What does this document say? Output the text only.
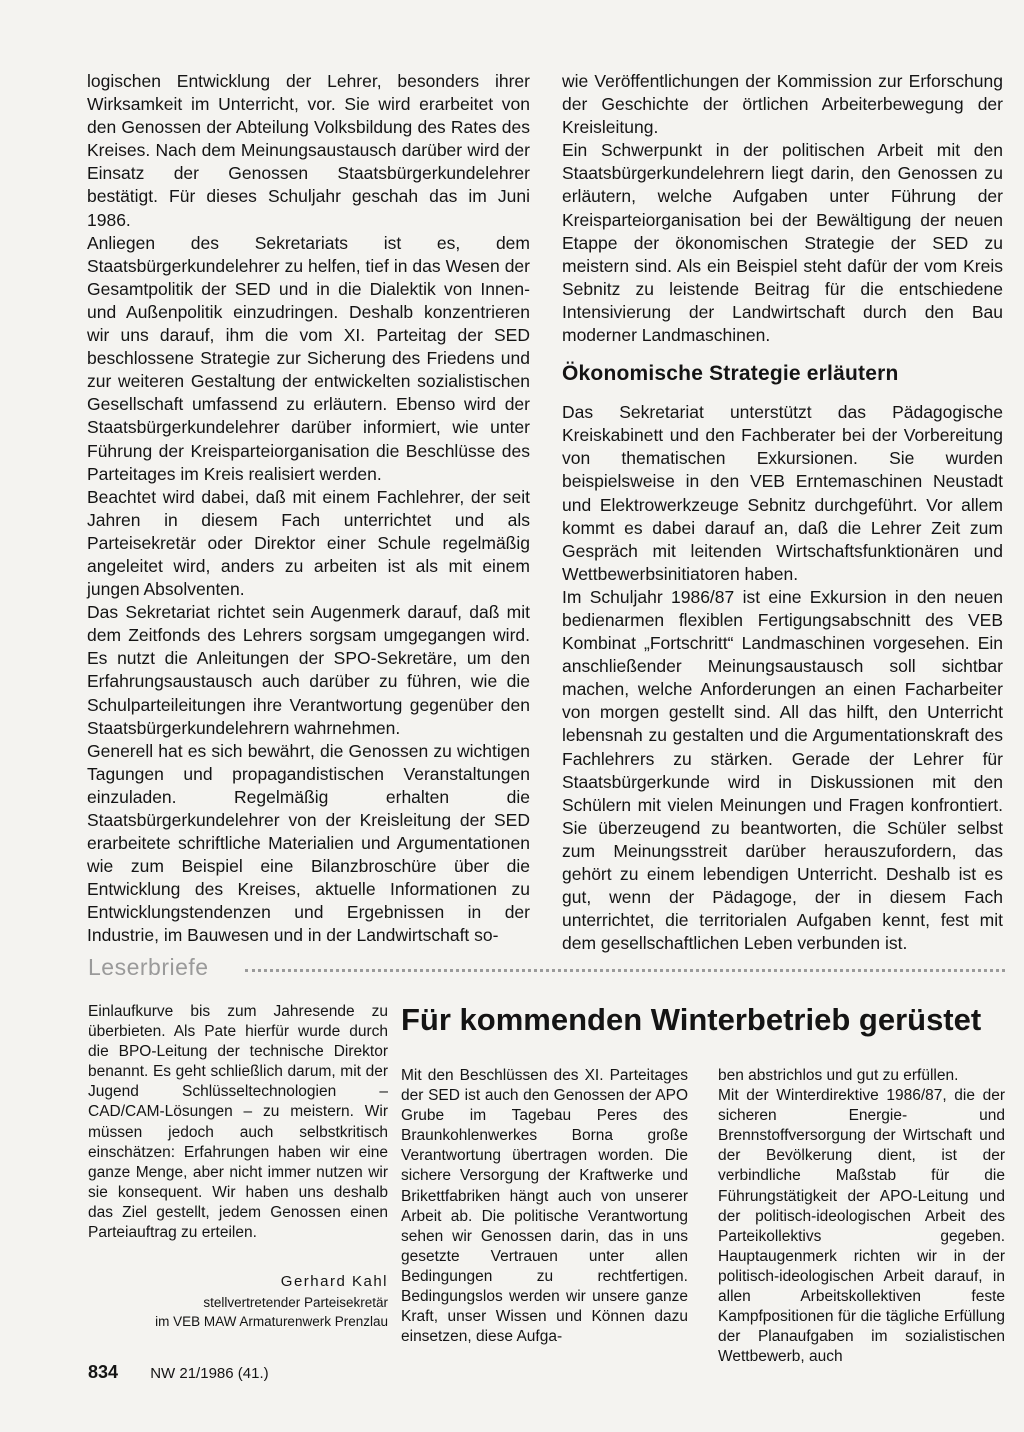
logischen Entwicklung der Lehrer, besonders ihrer Wirksamkeit im Unterricht, vor. Sie wird erarbeitet von den Genossen der Abteilung Volksbildung des Rates des Kreises. Nach dem Meinungsaustausch darüber wird der Einsatz der Genossen Staatsbürgerkundelehrer bestätigt. Für dieses Schuljahr geschah das im Juni 1986.

Anliegen des Sekretariats ist es, dem Staatsbürgerkundelehrer zu helfen, tief in das Wesen der Gesamtpolitik der SED und in die Dialektik von Innen- und Außenpolitik einzudringen. Deshalb konzentrieren wir uns darauf, ihm die vom XI. Parteitag der SED beschlossene Strategie zur Sicherung des Friedens und zur weiteren Gestaltung der entwickelten sozialistischen Gesellschaft umfassend zu erläutern. Ebenso wird der Staatsbürgerkundelehrer darüber informiert, wie unter Führung der Kreisparteiorganisation die Beschlüsse des Parteitages im Kreis realisiert werden.

Beachtet wird dabei, daß mit einem Fachlehrer, der seit Jahren in diesem Fach unterrichtet und als Parteisekretär oder Direktor einer Schule regelmäßig angeleitet wird, anders zu arbeiten ist als mit einem jungen Absolventen.

Das Sekretariat richtet sein Augenmerk darauf, daß mit dem Zeitfonds des Lehrers sorgsam umgegangen wird. Es nutzt die Anleitungen der SPO-Sekretäre, um den Erfahrungsaustausch auch darüber zu führen, wie die Schulparteileitungen ihre Verantwortung gegenüber den Staatsbürgerkundelehrern wahrnehmen.

Generell hat es sich bewährt, die Genossen zu wichtigen Tagungen und propagandistischen Veranstaltungen einzuladen. Regelmäßig erhalten die Staatsbürgerkundelehrer von der Kreisleitung der SED erarbeitete schriftliche Materialien und Argumentationen wie zum Beispiel eine Bilanzbroschüre über die Entwicklung des Kreises, aktuelle Informationen zu Entwicklungstendenzen und Ergebnissen in der Industrie, im Bauwesen und in der Landwirtschaft so-

wie Veröffentlichungen der Kommission zur Erforschung der Geschichte der örtlichen Arbeiterbewegung der Kreisleitung.

Ein Schwerpunkt in der politischen Arbeit mit den Staatsbürgerkundelehrern liegt darin, den Genossen zu erläutern, welche Aufgaben unter Führung der Kreisparteiorganisation bei der Bewältigung der neuen Etappe der ökonomischen Strategie der SED zu meistern sind. Als ein Beispiel steht dafür der vom Kreis Sebnitz zu leistende Beitrag für die entschiedene Intensivierung der Landwirtschaft durch den Bau moderner Landmaschinen.

Ökonomische Strategie erläutern

Das Sekretariat unterstützt das Pädagogische Kreiskabinett und den Fachberater bei der Vorbereitung von thematischen Exkursionen. Sie wurden beispielsweise in den VEB Erntemaschinen Neustadt und Elektrowerkzeuge Sebnitz durchgeführt. Vor allem kommt es dabei darauf an, daß die Lehrer Zeit zum Gespräch mit leitenden Wirtschaftsfunktionären und Wettbewerbsinitiatoren haben.

Im Schuljahr 1986/87 ist eine Exkursion in den neuen bedienarmen flexiblen Fertigungsabschnitt des VEB Kombinat „Fortschritt“ Landmaschinen vorgesehen. Ein anschließender Meinungsaustausch soll sichtbar machen, welche Anforderungen an einen Facharbeiter von morgen gestellt sind. All das hilft, den Unterricht lebensnah zu gestalten und die Argumentationskraft des Fachlehrers zu stärken. Gerade der Lehrer für Staatsbürgerkunde wird in Diskussionen mit den Schülern mit vielen Meinungen und Fragen konfrontiert. Sie überzeugend zu beantworten, die Schüler selbst zum Meinungsstreit darüber herauszufordern, das gehört zu einem lebendigen Unterricht. Deshalb ist es gut, wenn der Pädagoge, der in diesem Fach unterrichtet, die territorialen Aufgaben kennt, fest mit dem gesellschaftlichen Leben verbunden ist.

Leserbriefe

Einlaufkurve bis zum Jahresende zu überbieten. Als Pate hierfür wurde durch die BPO-Leitung der technische Direktor benannt. Es geht schließlich darum, mit der Jugend Schlüsseltechnologien – CAD/CAM-Lösungen – zu meistern. Wir müssen jedoch auch selbstkritisch einschätzen: Erfahrungen haben wir eine ganze Menge, aber nicht immer nutzen wir sie konsequent. Wir haben uns deshalb das Ziel gestellt, jedem Genossen einen Parteiauftrag zu erteilen.

Gerhard Kahl
stellvertretender Parteisekretär
im VEB MAW Armaturenwerk Prenzlau
Für kommenden Winterbetrieb gerüstet

Mit den Beschlüssen des XI. Parteitages der SED ist auch den Genossen der APO Grube im Tagebau Peres des Braunkohlenwerkes Borna große Verantwortung übertragen worden. Die sichere Versorgung der Kraftwerke und Brikettfabriken hängt auch von unserer Arbeit ab. Die politische Verantwortung sehen wir Genossen darin, das in uns gesetzte Vertrauen unter allen Bedingungen zu rechtfertigen. Bedingungslos werden wir unsere ganze Kraft, unser Wissen und Können dazu einsetzen, diese Aufga-

ben abstrichlos und gut zu erfüllen.

Mit der Winterdirektive 1986/87, die der sicheren Energie- und Brennstoffversorgung der Wirtschaft und der Bevölkerung dient, ist der verbindliche Maßstab für die Führungstätigkeit der APO-Leitung und der politisch-ideologischen Arbeit des Parteikollektivs gegeben. Hauptaugenmerk richten wir in der politisch-ideologischen Arbeit darauf, in allen Arbeitskollektiven feste Kampfpositionen für die tägliche Erfüllung der Planaufgaben im sozialistischen Wettbewerb, auch

834 NW 21/1986 (41.)
